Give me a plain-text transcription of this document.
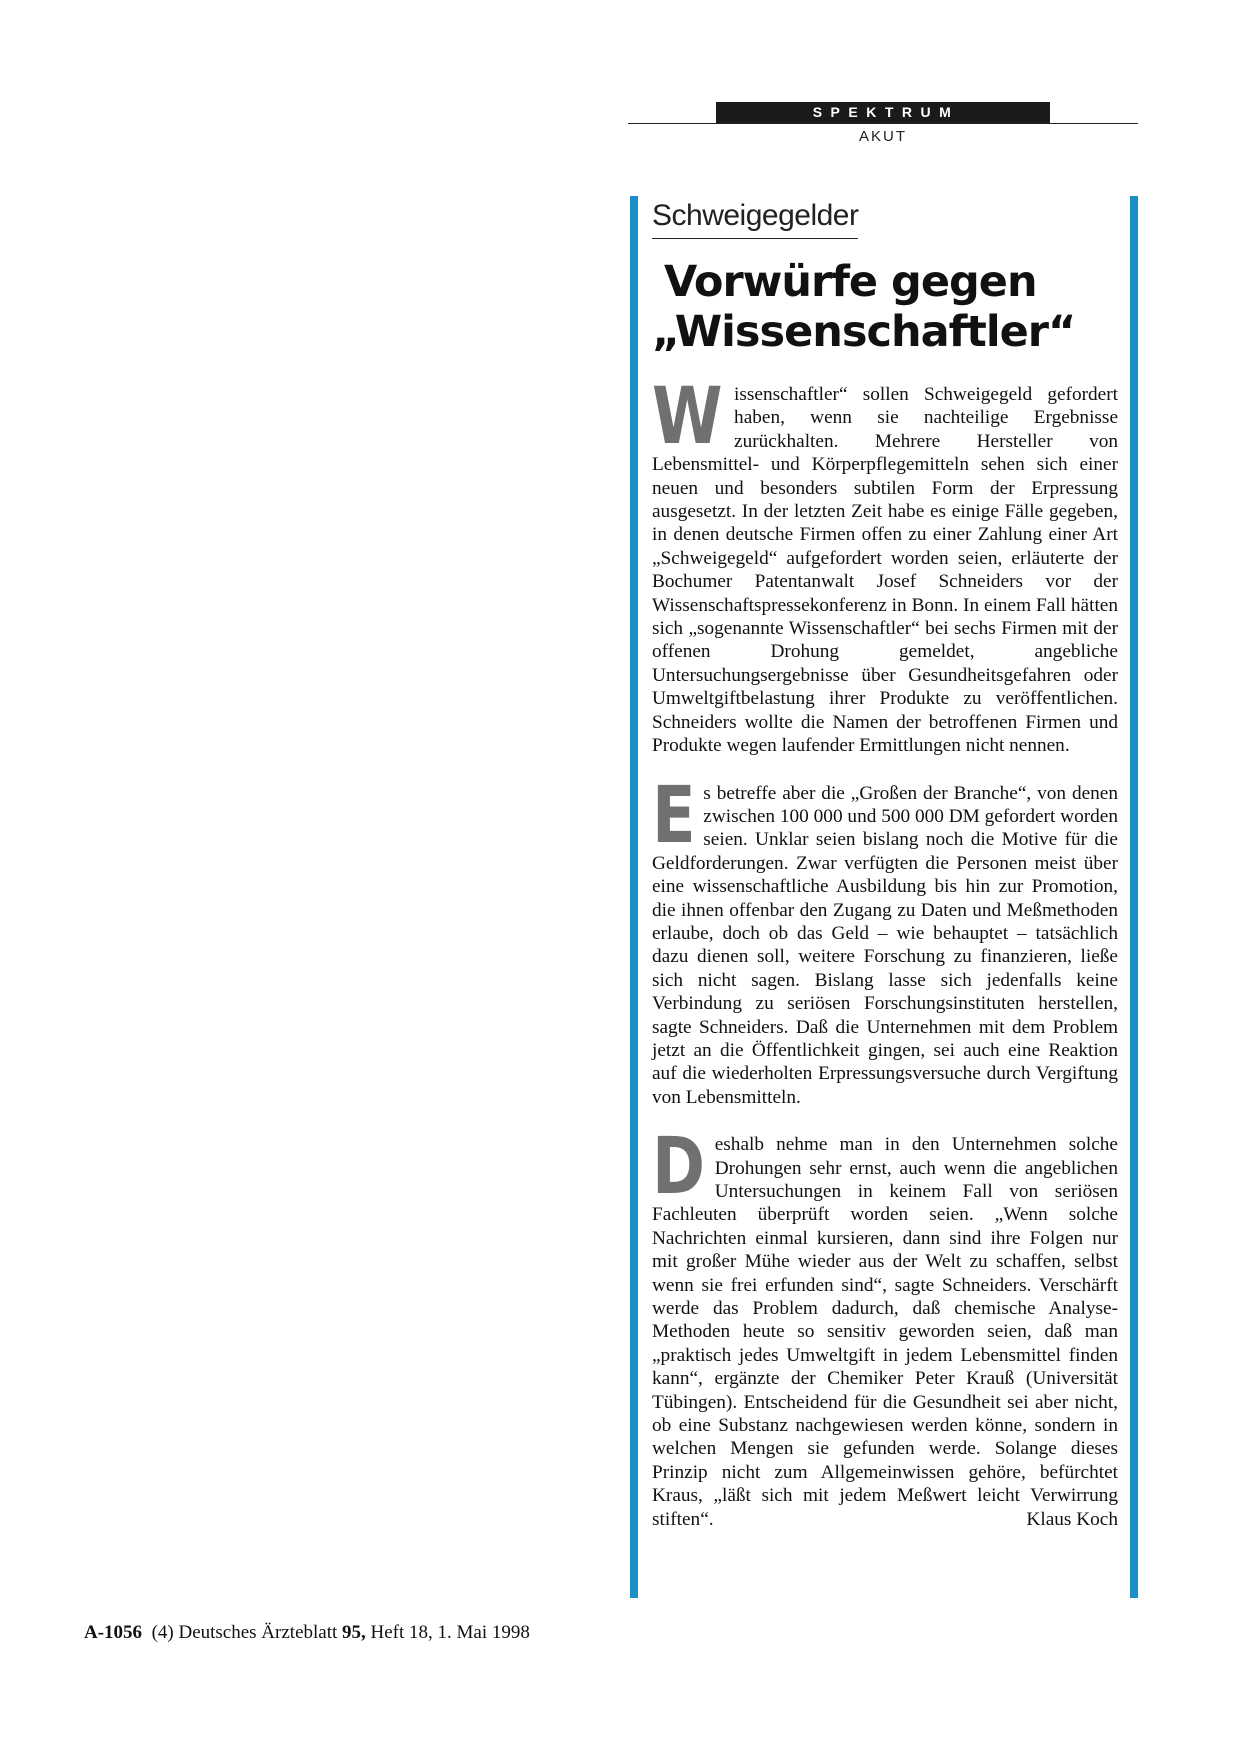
SPEKTRUM
AKUT
Schweigegelder
Vorwürfe gegen
„Wissenschaftler“

Wissenschaftler“ sollen Schweigegeld gefordert haben, wenn sie nachteilige Ergebnisse zurückhalten. Mehrere Hersteller von Lebensmittel- und Körperpflegemitteln sehen sich einer neuen und besonders subtilen Form der Erpressung ausgesetzt. In der letzten Zeit habe es einige Fälle gegeben, in denen deutsche Firmen offen zu einer Zahlung einer Art „Schweigegeld“ aufgefordert worden seien, erläuterte der Bochumer Patentanwalt Josef Schneiders vor der Wissenschaftspressekonferenz in Bonn. In einem Fall hätten sich „sogenannte Wissenschaftler“ bei sechs Firmen mit der offenen Drohung gemeldet, angebliche Untersuchungsergebnisse über Gesundheitsgefahren oder Umweltgiftbelastung ihrer Produkte zu veröffentlichen. Schneiders wollte die Namen der betroffenen Firmen und Produkte wegen laufender Ermittlungen nicht nennen.

Es betreffe aber die „Großen der Branche“, von denen zwischen 100 000 und 500 000 DM gefordert worden seien. Unklar seien bislang noch die Motive für die Geldforderungen. Zwar verfügten die Personen meist über eine wissenschaftliche Ausbildung bis hin zur Promotion, die ihnen offenbar den Zugang zu Daten und Meßmethoden erlaube, doch ob das Geld – wie behauptet – tatsächlich dazu dienen soll, weitere Forschung zu finanzieren, ließe sich nicht sagen. Bislang lasse sich jedenfalls keine Verbindung zu seriösen Forschungsinstituten herstellen, sagte Schneiders. Daß die Unternehmen mit dem Problem jetzt an die Öffentlichkeit gingen, sei auch eine Reaktion auf die wiederholten Erpressungsversuche durch Vergiftung von Lebensmitteln.

Deshalb nehme man in den Unternehmen solche Drohungen sehr ernst, auch wenn die angeblichen Untersuchungen in keinem Fall von seriösen Fachleuten überprüft worden seien. „Wenn solche Nachrichten einmal kursieren, dann sind ihre Folgen nur mit großer Mühe wieder aus der Welt zu schaffen, selbst wenn sie frei erfunden sind“, sagte Schneiders. Verschärft werde das Problem dadurch, daß chemische Analyse-Methoden heute so sensitiv geworden seien, daß man „praktisch jedes Umweltgift in jedem Lebensmittel finden kann“, ergänzte der Chemiker Peter Krauß (Universität Tübingen). Entscheidend für die Gesundheit sei aber nicht, ob eine Substanz nachgewiesen werden könne, sondern in welchen Mengen sie gefunden werde. Solange dieses Prinzip nicht zum Allgemeinwissen gehöre, befürchtet Kraus, „läßt sich mit jedem Meßwert leicht Verwirrung stiften“.	Klaus Koch

A-1056 (4) Deutsches Ärzteblatt 95, Heft 18, 1. Mai 1998
